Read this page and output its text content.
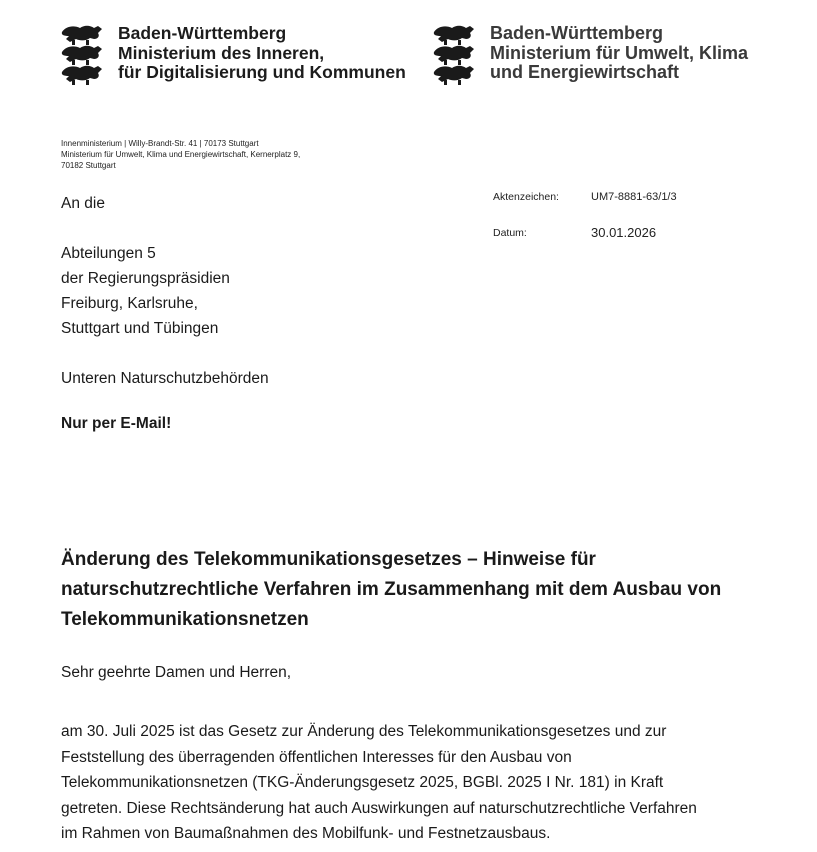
Baden-Württemberg
Ministerium des Inneren,
für Digitalisierung und Kommunen
Baden-Württemberg
Ministerium für Umwelt, Klima
und Energiewirtschaft
Innenministerium | Willy-Brandt-Str. 41 | 70173 Stuttgart
Ministerium für Umwelt, Klima und Energiewirtschaft, Kernerplatz 9,
70182 Stuttgart
An die
Abteilungen 5
der Regierungspräsidien
Freiburg, Karlsruhe,
Stuttgart und Tübingen
Unteren Naturschutzbehörden
Nur per E-Mail!
Aktenzeichen:	UM7-8881-63/1/3
Datum:	30.01.2026
Änderung des Telekommunikationsgesetzes – Hinweise für naturschutzrechtliche Verfahren im Zusammenhang mit dem Ausbau von Telekommunikationsnetzen
Sehr geehrte Damen und Herren,
am 30. Juli 2025 ist das Gesetz zur Änderung des Telekommunikationsgesetzes und zur
Feststellung des überragenden öffentlichen Interesses für den Ausbau von
Telekommunikationsnetzen (TKG-Änderungsgesetz 2025, BGBl. 2025 I Nr. 181) in Kraft
getreten. Diese Rechtsänderung hat auch Auswirkungen auf naturschutzrechtliche Verfahren
im Rahmen von Baumaßnahmen des Mobilfunk- und Festnetzausbaus.
